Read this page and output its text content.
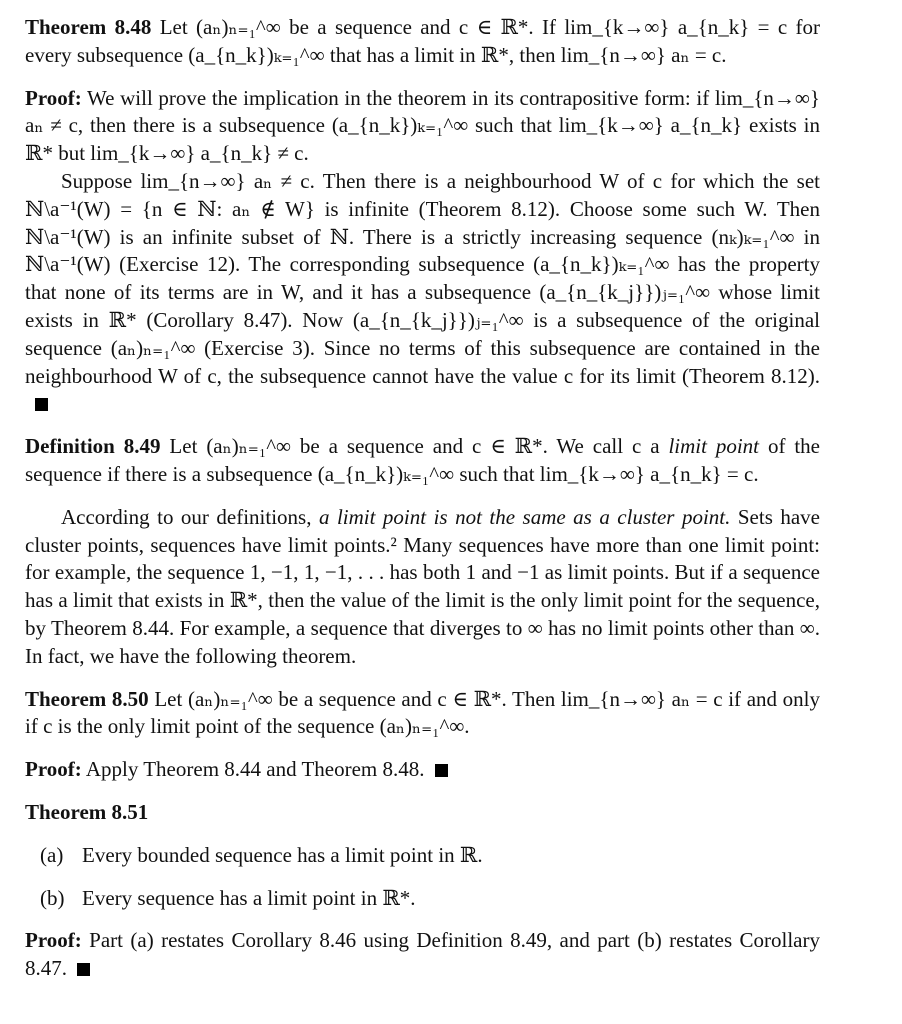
Theorem 8.48 Let (aₙ)ₙ₌₁^∞ be a sequence and c ∈ ℝ*. If lim_{k→∞} a_{n_k} = c for every subsequence (a_{n_k})ₖ₌₁^∞ that has a limit in ℝ*, then lim_{n→∞} aₙ = c.
Proof: We will prove the implication in the theorem in its contrapositive form: if lim_{n→∞} aₙ ≠ c, then there is a subsequence (a_{n_k})ₖ₌₁^∞ such that lim_{k→∞} a_{n_k} exists in ℝ* but lim_{k→∞} a_{n_k} ≠ c.
Suppose lim_{n→∞} aₙ ≠ c. Then there is a neighbourhood W of c for which the set ℕ\a⁻¹(W) = {n ∈ ℕ: aₙ ∉ W} is infinite (Theorem 8.12). Choose some such W. Then ℕ\a⁻¹(W) is an infinite subset of ℕ. There is a strictly increasing sequence (nₖ)ₖ₌₁^∞ in ℕ\a⁻¹(W) (Exercise 12). The corresponding subsequence (a_{n_k})ₖ₌₁^∞ has the property that none of its terms are in W, and it has a subsequence (a_{n_{k_j}})ⱼ₌₁^∞ whose limit exists in ℝ* (Corollary 8.47). Now (a_{n_{k_j}})ⱼ₌₁^∞ is a subsequence of the original sequence (aₙ)ₙ₌₁^∞ (Exercise 3). Since no terms of this subsequence are contained in the neighbourhood W of c, the subsequence cannot have the value c for its limit (Theorem 8.12).
Definition 8.49 Let (aₙ)ₙ₌₁^∞ be a sequence and c ∈ ℝ*. We call c a limit point of the sequence if there is a subsequence (a_{n_k})ₖ₌₁^∞ such that lim_{k→∞} a_{n_k} = c.
According to our definitions, a limit point is not the same as a cluster point. Sets have cluster points, sequences have limit points.² Many sequences have more than one limit point: for example, the sequence 1, −1, 1, −1, . . . has both 1 and −1 as limit points. But if a sequence has a limit that exists in ℝ*, then the value of the limit is the only limit point for the sequence, by Theorem 8.44. For example, a sequence that diverges to ∞ has no limit points other than ∞. In fact, we have the following theorem.
Theorem 8.50 Let (aₙ)ₙ₌₁^∞ be a sequence and c ∈ ℝ*. Then lim_{n→∞} aₙ = c if and only if c is the only limit point of the sequence (aₙ)ₙ₌₁^∞.
Proof: Apply Theorem 8.44 and Theorem 8.48.
Theorem 8.51
(a) Every bounded sequence has a limit point in ℝ.
(b) Every sequence has a limit point in ℝ*.
Proof: Part (a) restates Corollary 8.46 using Definition 8.49, and part (b) restates Corollary 8.47.
